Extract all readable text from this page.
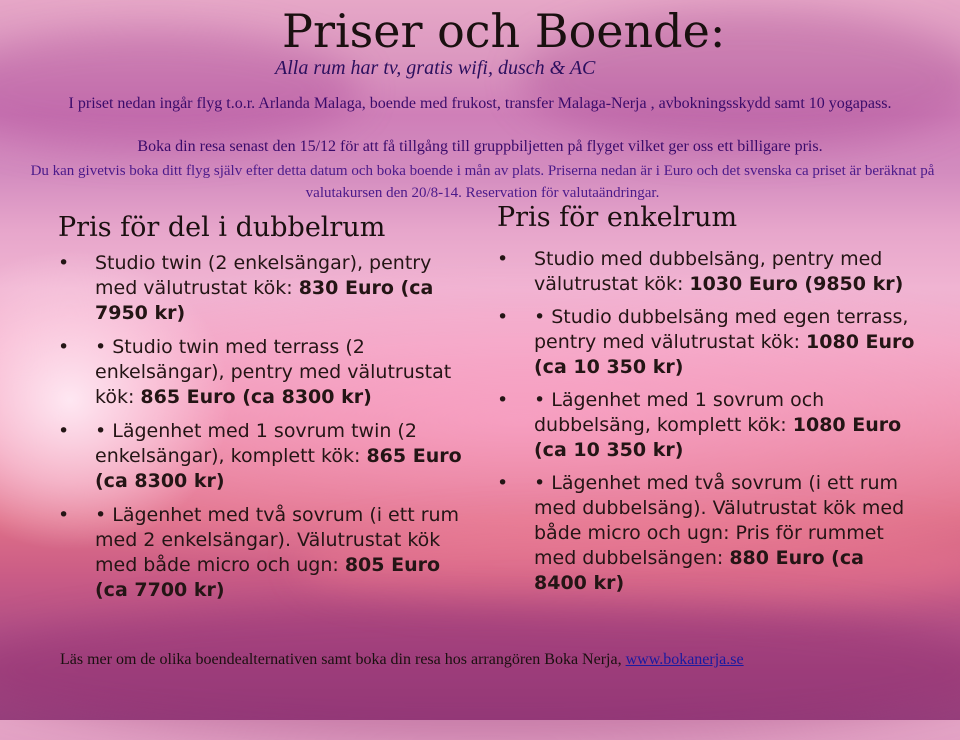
Priser och Boende:

Alla rum har tv, gratis wifi, dusch & AC

I priset nedan ingår flyg t.o.r. Arlanda Malaga, boende med frukost, transfer Malaga-Nerja , avbokningsskydd samt 10 yogapass.

Boka din resa senast den 15/12 för att få tillgång till gruppbiljetten på flyget vilket ger oss ett billigare pris.

Du kan givetvis boka ditt flyg själv efter detta datum och boka boende i mån av plats. Priserna nedan är i Euro och det svenska ca priset är beräknat på valutakursen den 20/8-14. Reservation för valutaändringar.

Pris för del i dubbelrum
• Studio twin (2 enkelsängar), pentry med välutrustat kök: 830 Euro (ca 7950 kr)
• • Studio twin med terrass (2 enkelsängar), pentry med välutrustat kök: 865 Euro (ca 8300 kr)
• • Lägenhet med 1 sovrum twin (2 enkelsängar), komplett kök: 865 Euro (ca 8300 kr)
• • Lägenhet med två sovrum (i ett rum med 2 enkelsängar). Välutrustat kök med både micro och ugn: 805 Euro (ca 7700 kr)
Pris för enkelrum
• Studio med dubbelsäng, pentry med välutrustat kök: 1030 Euro (9850 kr)
• • Studio dubbelsäng med egen terrass, pentry med välutrustat kök: 1080 Euro (ca 10 350 kr)
• • Lägenhet med 1 sovrum och dubbelsäng, komplett kök: 1080 Euro (ca 10 350 kr)
• • Lägenhet med två sovrum (i ett rum med dubbelsäng). Välutrustat kök med både micro och ugn: Pris för rummet med dubbelsängen: 880 Euro (ca 8400 kr)

Läs mer om de olika boendealternativen samt boka din resa hos arrangören Boka Nerja, www.bokanerja.se
